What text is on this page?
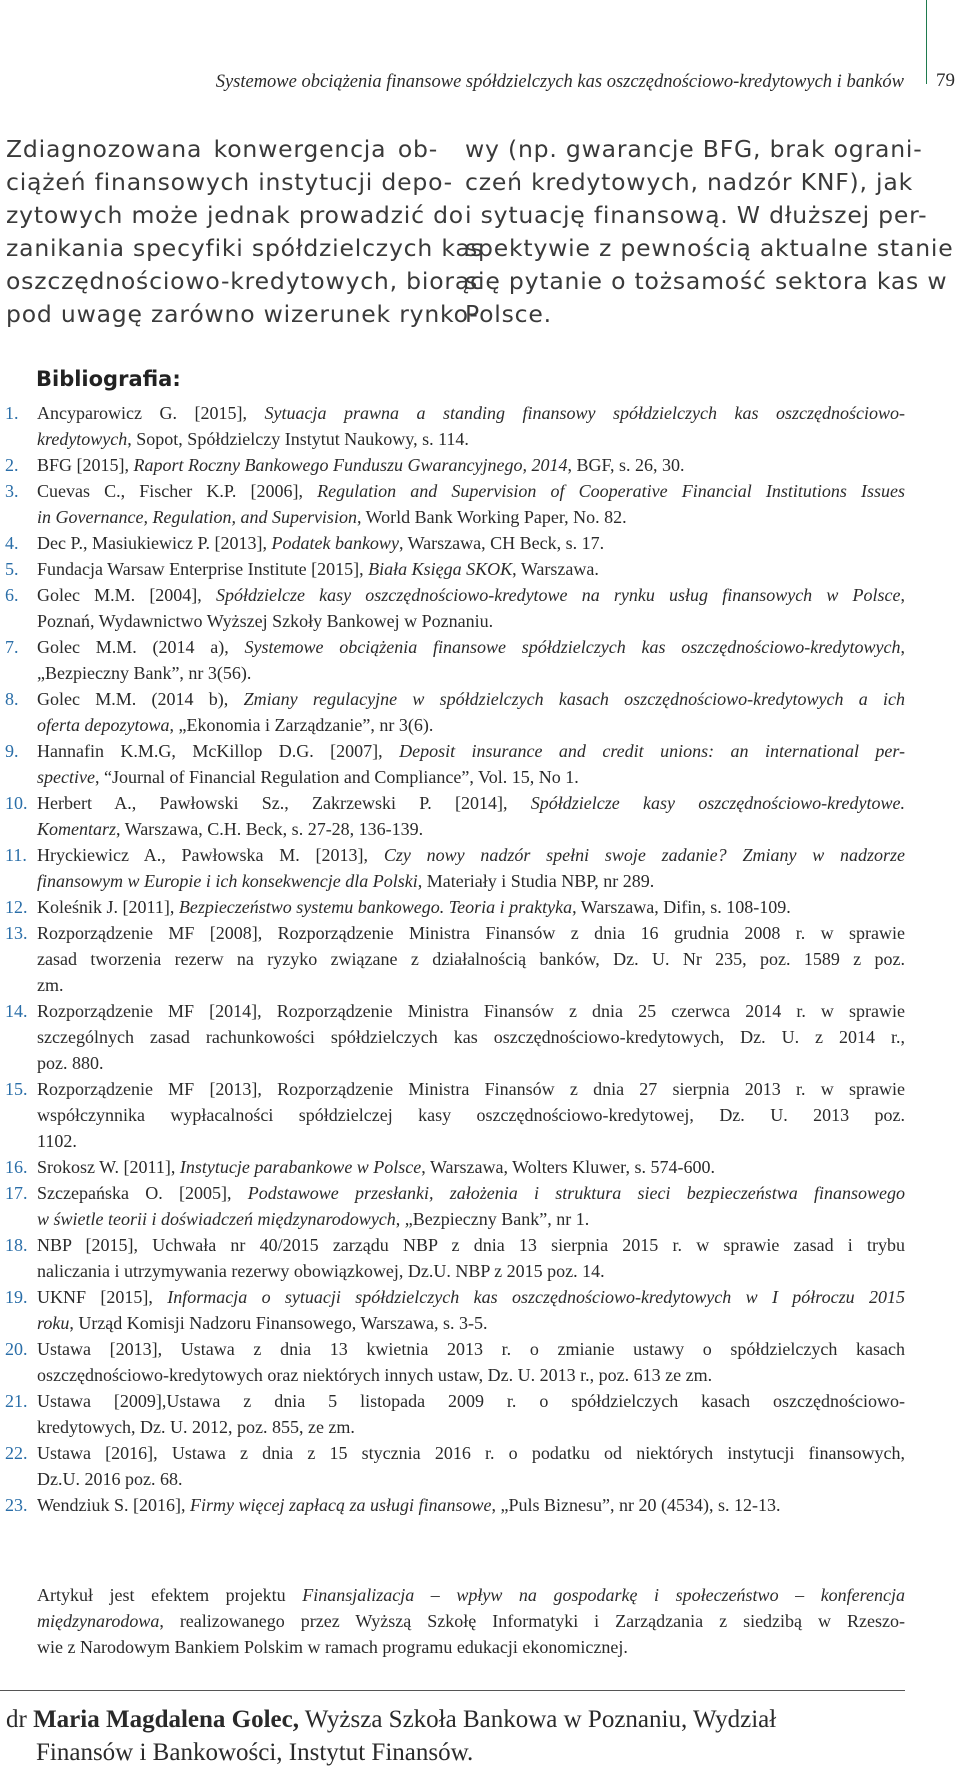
Systemowe obciążenia finansowe spółdzielczych kas oszczędnościowo-kredytowych i banków 79
Zdiagnozowana konwergencja ob-
ciążeń finansowych instytucji depo-
zytowych może jednak prowadzić do
zanikania specyfiki spółdzielczych kas
oszczędnościowo-kredytowych, biorąc
pod uwagę zarówno wizerunek rynko-
wy (np. gwarancje BFG, brak ograni-
czeń kredytowych, nadzór KNF), jak
i sytuację finansową. W dłuższej per-
spektywie z pewnością aktualne stanie
się pytanie o tożsamość sektora kas w
Polsce.
Bibliografia:
1. Ancyparowicz G. [2015], Sytuacja prawna a standing finansowy spółdzielczych kas oszczędnościowo-
kredytowych, Sopot, Spółdzielczy Instytut Naukowy, s. 114.
2. BFG [2015], Raport Roczny Bankowego Funduszu Gwarancyjnego, 2014, BGF, s. 26, 30.
3. Cuevas C., Fischer K.P. [2006], Regulation and Supervision of Cooperative Financial Institutions Issues
in Governance, Regulation, and Supervision, World Bank Working Paper, No. 82.
4. Dec P., Masiukiewicz P. [2013], Podatek bankowy, Warszawa, CH Beck, s. 17.
5. Fundacja Warsaw Enterprise Institute [2015], Biała Księga SKOK, Warszawa.
6. Golec M.M. [2004], Spółdzielcze kasy oszczędnościowo-kredytowe na rynku usług finansowych w Polsce,
Poznań, Wydawnictwo Wyższej Szkoły Bankowej w Poznaniu.
7. Golec M.M. (2014 a), Systemowe obciążenia finansowe spółdzielczych kas oszczędnościowo-kredytowych,
„Bezpieczny Bank”, nr 3(56).
8. Golec M.M. (2014 b), Zmiany regulacyjne w spółdzielczych kasach oszczędnościowo-kredytowych a ich
oferta depozytowa, „Ekonomia i Zarządzanie”, nr 3(6).
9. Hannafin K.M.G, McKillop D.G. [2007], Deposit insurance and credit unions: an international per-
spective, “Journal of Financial Regulation and Compliance”, Vol. 15, No 1.
10. Herbert A., Pawłowski Sz., Zakrzewski P. [2014], Spółdzielcze kasy oszczędnościowo-kredytowe.
Komentarz, Warszawa, C.H. Beck, s. 27-28, 136-139.
11. Hryckiewicz A., Pawłowska M. [2013], Czy nowy nadzór spełni swoje zadanie? Zmiany w nadzorze
finansowym w Europie i ich konsekwencje dla Polski, Materiały i Studia NBP, nr 289.
12. Koleśnik J. [2011], Bezpieczeństwo systemu bankowego. Teoria i praktyka, Warszawa, Difin, s. 108-109.
13. Rozporządzenie MF [2008], Rozporządzenie Ministra Finansów z dnia 16 grudnia 2008 r. w sprawie
zasad tworzenia rezerw na ryzyko związane z działalnością banków, Dz. U. Nr 235, poz. 1589 z poz.
zm.
14. Rozporządzenie MF [2014], Rozporządzenie Ministra Finansów z dnia 25 czerwca 2014 r. w sprawie
szczególnych zasad rachunkowości spółdzielczych kas oszczędnościowo-kredytowych, Dz. U. z 2014 r.,
poz. 880.
15. Rozporządzenie MF [2013], Rozporządzenie Ministra Finansów z dnia 27 sierpnia 2013 r. w sprawie
współczynnika wypłacalności spółdzielczej kasy oszczędnościowo-kredytowej, Dz. U. 2013 poz.
1102.
16. Srokosz W. [2011], Instytucje parabankowe w Polsce, Warszawa, Wolters Kluwer, s. 574-600.
17. Szczepańska O. [2005], Podstawowe przesłanki, założenia i struktura sieci bezpieczeństwa finansowego
w świetle teorii i doświadczeń międzynarodowych, „Bezpieczny Bank”, nr 1.
18. NBP [2015], Uchwała nr 40/2015 zarządu NBP z dnia 13 sierpnia 2015 r. w sprawie zasad i trybu
naliczania i utrzymywania rezerwy obowiązkowej, Dz.U. NBP z 2015 poz. 14.
19. UKNF [2015], Informacja o sytuacji spółdzielczych kas oszczędnościowo-kredytowych w I półroczu 2015
roku, Urząd Komisji Nadzoru Finansowego, Warszawa, s. 3-5.
20. Ustawa [2013], Ustawa z dnia 13 kwietnia 2013 r. o zmianie ustawy o spółdzielczych kasach
oszczędnościowo-kredytowych oraz niektórych innych ustaw, Dz. U. 2013 r., poz. 613 ze zm.
21. Ustawa [2009],Ustawa z dnia 5 listopada 2009 r. o spółdzielczych kasach oszczędnościowo-
kredytowych, Dz. U. 2012, poz. 855, ze zm.
22. Ustawa [2016], Ustawa z dnia z 15 stycznia 2016 r. o podatku od niektórych instytucji finansowych,
Dz.U. 2016 poz. 68.
23. Wendziuk S. [2016], Firmy więcej zapłacą za usługi finansowe, „Puls Biznesu”, nr 20 (4534), s. 12-13.
Artykuł jest efektem projektu Finansjalizacja – wpływ na gospodarkę i społeczeństwo – konferencja
międzynarodowa, realizowanego przez Wyższą Szkołę Informatyki i Zarządzania z siedzibą w Rzeszo-
wie z Narodowym Bankiem Polskim w ramach programu edukacji ekonomicznej.
dr Maria Magdalena Golec, Wyższa Szkoła Bankowa w Poznaniu, Wydział
Finansów i Bankowości, Instytut Finansów.
